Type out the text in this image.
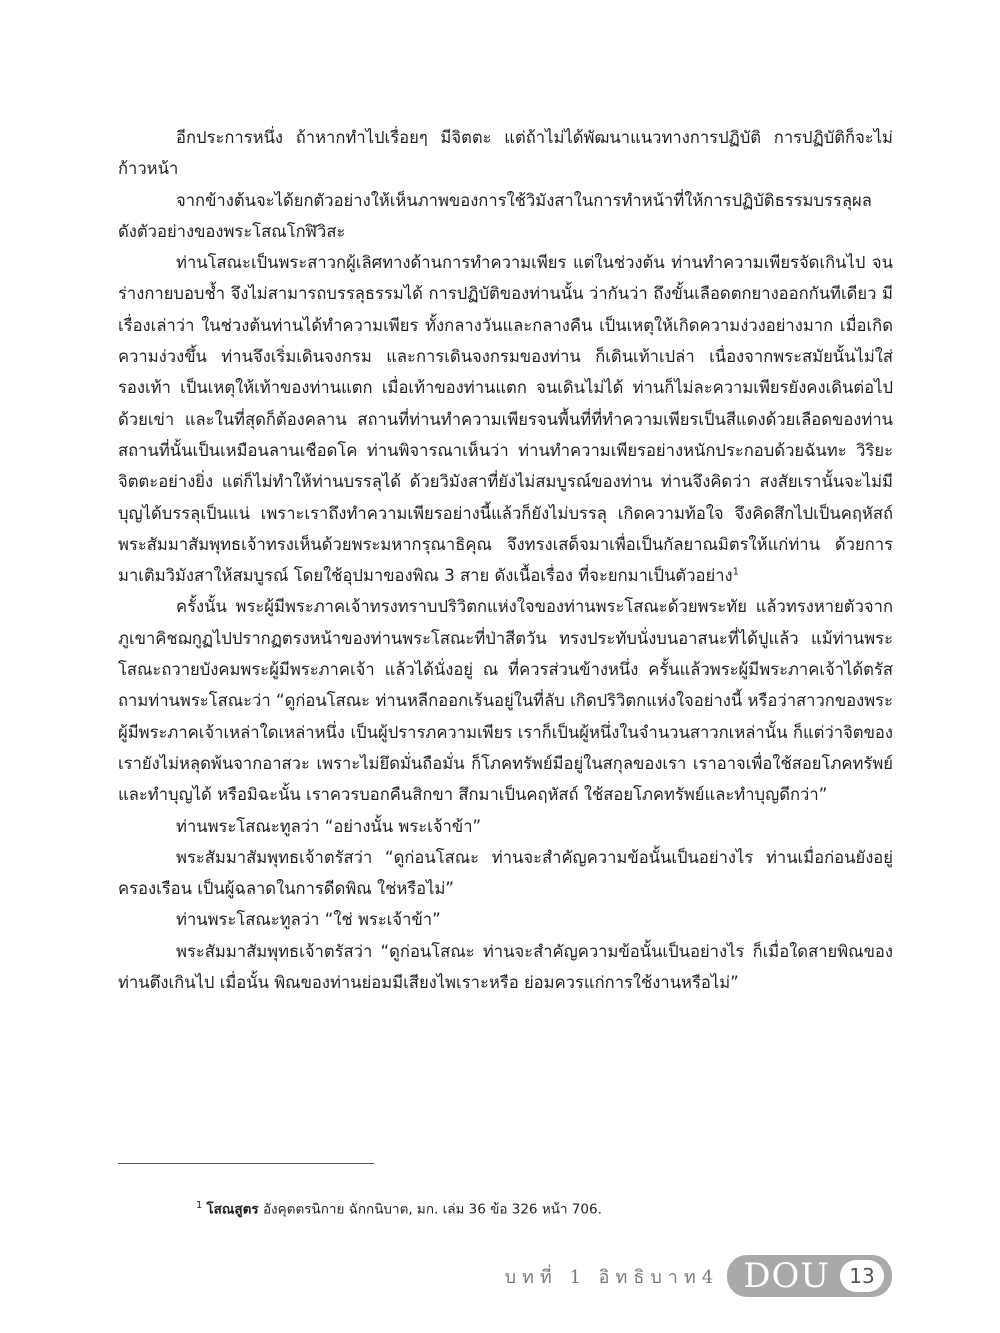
อีกประการหนึ่ง ถ้าหากทำไปเรื่อยๆ มีจิตตะ แต่ถ้าไม่ได้พัฒนาแนวทางการปฏิบัติ การปฏิบัติก็จะไม่ก้าวหน้า

จากข้างต้นจะได้ยกตัวอย่างให้เห็นภาพของการใช้วิมังสาในการทำหน้าที่ให้การปฏิบัติธรรมบรรลุผล ดังตัวอย่างของพระโสณโกฬิวิสะ

ท่านโสณะเป็นพระสาวกผู้เลิศทางด้านการทำความเพียร แต่ในช่วงต้น ท่านทำความเพียรจัดเกินไป จนร่างกายบอบช้ำ จึงไม่สามารถบรรลุธรรมได้ การปฏิบัติของท่านนั้น ว่ากันว่า ถึงขั้นเลือดตกยางออกกันทีเดียว มีเรื่องเล่าว่า ในช่วงต้นท่านได้ทำความเพียร ทั้งกลางวันและกลางคืน เป็นเหตุให้เกิดความง่วงอย่างมาก เมื่อเกิดความง่วงขึ้น ท่านจึงเริ่มเดินจงกรม และการเดินจงกรมของท่าน ก็เดินเท้าเปล่า เนื่องจากพระสมัยนั้นไม่ใส่รองเท้า เป็นเหตุให้เท้าของท่านแตก เมื่อเท้าของท่านแตก จนเดินไม่ได้ ท่านก็ไม่ละความเพียรยังคงเดินต่อไปด้วยเข่า และในที่สุดก็ต้องคลาน สถานที่ท่านทำความเพียรจนพื้นที่ที่ทำความเพียรเป็นสีแดงด้วยเลือดของท่าน สถานที่นั้นเป็นเหมือนลานเชือดโค ท่านพิจารณาเห็นว่า ท่านทำความเพียรอย่างหนักประกอบด้วยฉันทะ วิริยะ จิตตะอย่างยิ่ง แต่ก็ไม่ทำให้ท่านบรรลุได้ ด้วยวิมังสาที่ยังไม่สมบูรณ์ของท่าน ท่านจึงคิดว่า สงสัยเรานั้นจะไม่มีบุญได้บรรลุเป็นแน่ เพราะเราถึงทำความเพียรอย่างนี้แล้วก็ยังไม่บรรลุ เกิดความท้อใจ จึงคิดสึกไปเป็นคฤหัสถ์ พระสัมมาสัมพุทธเจ้าทรงเห็นด้วยพระมหากรุณาธิคุณ จึงทรงเสด็จมาเพื่อเป็นกัลยาณมิตรให้แก่ท่าน ด้วยการมาเติมวิมังสาให้สมบูรณ์ โดยใช้อุปมาของพิณ 3 สาย ดังเนื้อเรื่อง ที่จะยกมาเป็นตัวอย่าง$^1$

ครั้งนั้น พระผู้มีพระภาคเจ้าทรงทราบปริวิตกแห่งใจของท่านพระโสณะด้วยพระทัย แล้วทรงหายตัวจากภูเขาคิชฌกูฏไปปรากฏตรงหน้าของท่านพระโสณะที่ป่าสีตวัน ทรงประทับนั่งบนอาสนะที่ได้ปูแล้ว แม้ท่านพระโสณะถวายบังคมพระผู้มีพระภาคเจ้า แล้วได้นั่งอยู่ ณ ที่ควรส่วนข้างหนึ่ง ครั้นแล้วพระผู้มีพระภาคเจ้าได้ตรัสถามท่านพระโสณะว่า “ดูก่อนโสณะ ท่านหลีกออกเร้นอยู่ในที่ลับ เกิดปริวิตกแห่งใจอย่างนี้ หรือว่าสาวกของพระผู้มีพระภาคเจ้าเหล่าใดเหล่าหนึ่ง เป็นผู้ปรารภความเพียร เราก็เป็นผู้หนึ่งในจำนวนสาวกเหล่านั้น ก็แต่ว่าจิตของเรายังไม่หลุดพ้นจากอาสวะ เพราะไม่ยึดมั่นถือมั่น ก็โภคทรัพย์มีอยู่ในสกุลของเรา เราอาจเพื่อใช้สอยโภคทรัพย์และทำบุญได้ หรือมิฉะนั้น เราควรบอกคืนสิกขา สึกมาเป็นคฤหัสถ์ ใช้สอยโภคทรัพย์และทำบุญดีกว่า”

ท่านพระโสณะทูลว่า “อย่างนั้น พระเจ้าข้า”

พระสัมมาสัมพุทธเจ้าตรัสว่า “ดูก่อนโสณะ ท่านจะสำคัญความข้อนั้นเป็นอย่างไร ท่านเมื่อก่อนยังอยู่ครองเรือน เป็นผู้ฉลาดในการดีดพิณ ใช่หรือไม่”

ท่านพระโสณะทูลว่า “ใช่ พระเจ้าข้า”

พระสัมมาสัมพุทธเจ้าตรัสว่า “ดูก่อนโสณะ ท่านจะสำคัญความข้อนั้นเป็นอย่างไร ก็เมื่อใดสายพิณของท่านตึงเกินไป เมื่อนั้น พิณของท่านย่อมมีเสียงไพเราะหรือ ย่อมควรแก่การใช้งานหรือไม่”

$^1$ โสณสูตร อังคุตตรนิกาย ฉักกนิบาต, มก. เล่ม 36 ข้อ 326 หน้า 706.
บทที่ 1 อิทธิบาท4 DOU 13
